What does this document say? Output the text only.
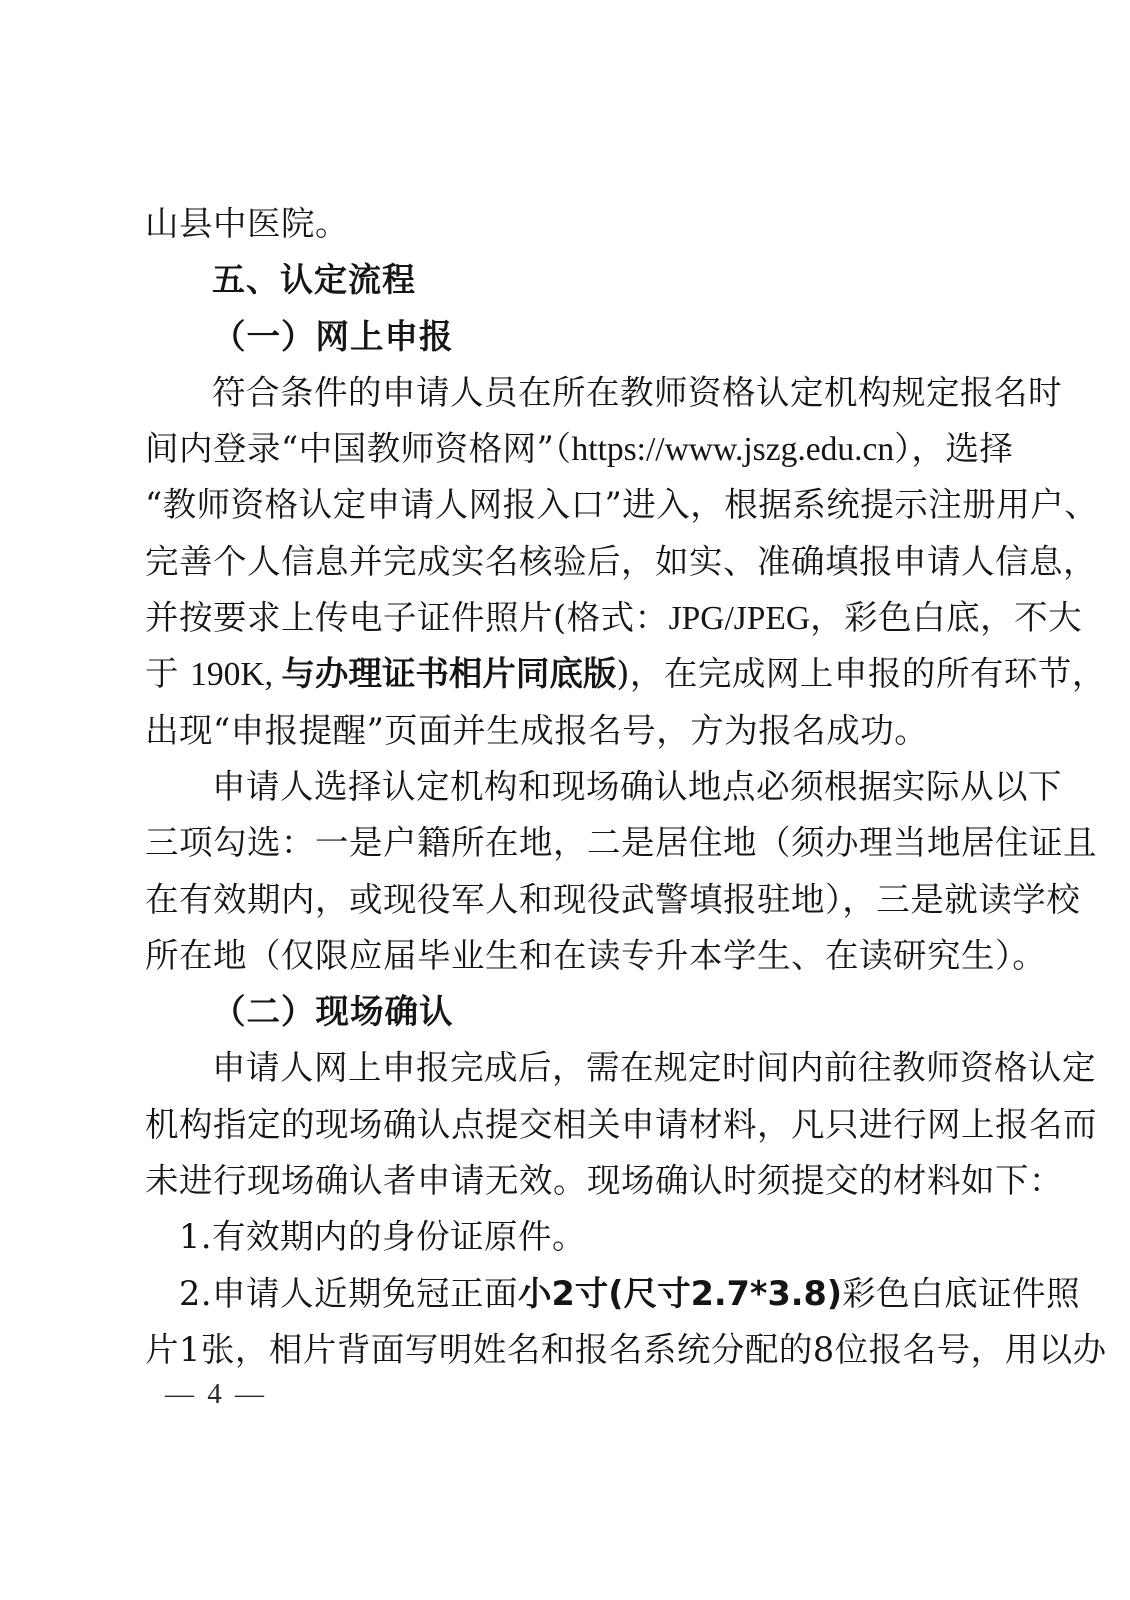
山县中医院。
五、认定流程
（一）网上申报
符合条件的申请人员在所在教师资格认定机构规定报名时
间内登录“中国教师资格网”（https://www.jszg.edu.cn），选择
“教师资格认定申请人网报入口”进入，根据系统提示注册用户、
完善个人信息并完成实名核验后，如实、准确填报申请人信息，
并按要求上传电子证件照片(格式：JPG/JPEG，彩色白底，不大
于 190K, 与办理证书相片同底版)，在完成网上申报的所有环节，
出现“申报提醒”页面并生成报名号，方为报名成功。
申请人选择认定机构和现场确认地点必须根据实际从以下
三项勾选：一是户籍所在地，二是居住地（须办理当地居住证且
在有效期内，或现役军人和现役武警填报驻地），三是就读学校
所在地（仅限应届毕业生和在读专升本学生、在读研究生）。
（二）现场确认
申请人网上申报完成后，需在规定时间内前往教师资格认定
机构指定的现场确认点提交相关申请材料，凡只进行网上报名而
未进行现场确认者申请无效。现场确认时须提交的材料如下：
1.有效期内的身份证原件。
2.申请人近期免冠正面小2寸(尺寸2.7*3.8)彩色白底证件照
片1张，相片背面写明姓名和报名系统分配的8位报名号，用以办
— 4 —
